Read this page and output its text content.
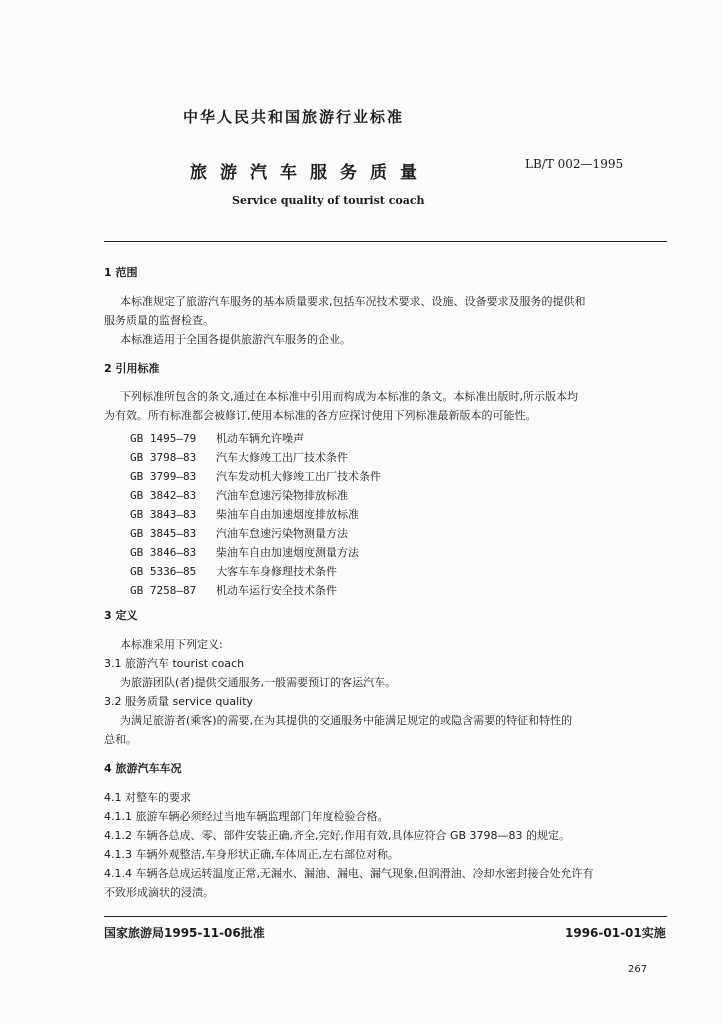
中华人民共和国旅游行业标准
旅游汽车服务质量	LB/T 002—1995
Service quality of tourist coach
1 范围
本标准规定了旅游汽车服务的基本质量要求,包括车况技术要求、设施、设备要求及服务的提供和
服务质量的监督检查。
本标准适用于全国各提供旅游汽车服务的企业。
2 引用标准
下列标准所包含的条文,通过在本标准中引用而构成为本标准的条文。本标准出版时,所示版本均
为有效。所有标准都会被修订,使用本标准的各方应探讨使用下列标准最新版本的可能性。
GB 1495—79 机动车辆允许噪声
GB 3798—83 汽车大修竣工出厂技术条件
GB 3799—83 汽车发动机大修竣工出厂技术条件
GB 3842—83 汽油车怠速污染物排放标准
GB 3843—83 柴油车自由加速烟度排放标准
GB 3845—83 汽油车怠速污染物测量方法
GB 3846—83 柴油车自由加速烟度测量方法
GB 5336—85 大客车车身修理技术条件
GB 7258—87 机动车运行安全技术条件
3 定义
本标准采用下列定义:
3.1 旅游汽车 tourist coach
为旅游团队(者)提供交通服务,一般需要预订的客运汽车。
3.2 服务质量 service quality
为满足旅游者(乘客)的需要,在为其提供的交通服务中能满足规定的或隐含需要的特征和特性的
总和。
4 旅游汽车车况
4.1 对整车的要求
4.1.1 旅游车辆必须经过当地车辆监理部门年度检验合格。
4.1.2 车辆各总成、零、部件安装正确,齐全,完好,作用有效,具体应符合 GB 3798—83 的规定。
4.1.3 车辆外观整洁,车身形状正确,车体周正,左右部位对称。
4.1.4 车辆各总成运转温度正常,无漏水、漏油、漏电、漏气现象,但润滑油、冷却水密封接合处允许有
不致形成滴状的浸渍。
国家旅游局1995-11-06批准	1996-01-01实施
267
